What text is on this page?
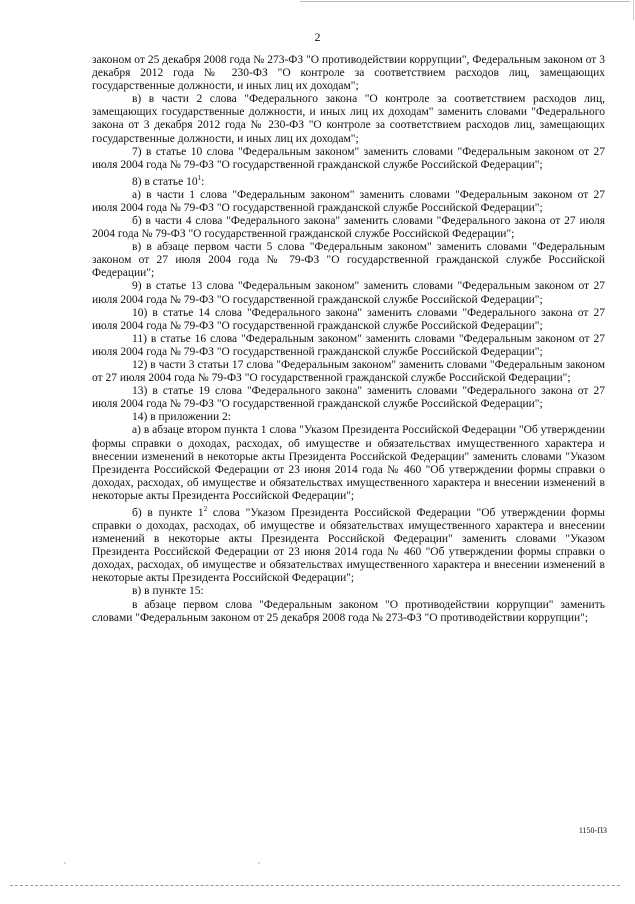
2

законом от 25 декабря 2008 года № 273-ФЗ "О противодействии коррупции", Федеральным законом от 3 декабря 2012 года № 230-ФЗ "О контроле за соответствием расходов лиц, замещающих государственные должности, и иных лиц их доходам";

в) в части 2 слова "Федерального закона "О контроле за соответствием расходов лиц, замещающих государственные должности, и иных лиц их доходам" заменить словами "Федерального закона от 3 декабря 2012 года № 230-ФЗ "О контроле за соответствием расходов лиц, замещающих государственные должности, и иных лиц их доходам";

7) в статье 10 слова "Федеральным законом" заменить словами "Федеральным законом от 27 июля 2004 года № 79-ФЗ "О государственной гражданской службе Российской Федерации";

8) в статье $10^1$:

а) в части 1 слова "Федеральным законом" заменить словами "Федеральным законом от 27 июля 2004 года № 79-ФЗ "О государственной гражданской службе Российской Федерации";

б) в части 4 слова "Федерального закона" заменить словами "Федерального закона от 27 июля 2004 года № 79-ФЗ "О государственной гражданской службе Российской Федерации";

в) в абзаце первом части 5 слова "Федеральным законом" заменить словами "Федеральным законом от 27 июля 2004 года № 79-ФЗ "О государственной гражданской службе Российской Федерации";

9) в статье 13 слова "Федеральным законом" заменить словами "Федеральным законом от 27 июля 2004 года № 79-ФЗ "О государственной гражданской службе Российской Федерации";

10) в статье 14 слова "Федерального закона" заменить словами "Федерального закона от 27 июля 2004 года № 79-ФЗ "О государственной гражданской службе Российской Федерации";

11) в статье 16 слова "Федеральным законом" заменить словами "Федеральным законом от 27 июля 2004 года № 79-ФЗ "О государственной гражданской службе Российской Федерации";

12) в части 3 статьи 17 слова "Федеральным законом" заменить словами "Федеральным законом от 27 июля 2004 года № 79-ФЗ "О государственной гражданской службе Российской Федерации";

13) в статье 19 слова "Федерального закона" заменить словами "Федерального закона от 27 июля 2004 года № 79-ФЗ "О государственной гражданской службе Российской Федерации";

14) в приложении 2:

а) в абзаце втором пункта 1 слова "Указом Президента Российской Федерации "Об утверждении формы справки о доходах, расходах, об имуществе и обязательствах имущественного характера и внесении изменений в некоторые акты Президента Российской Федерации" заменить словами "Указом Президента Российской Федерации от 23 июня 2014 года № 460 "Об утверждении формы справки о доходах, расходах, об имуществе и обязательствах имущественного характера и внесении изменений в некоторые акты Президента Российской Федерации";

б) в пункте $1^2$ слова "Указом Президента Российской Федерации "Об утверждении формы справки о доходах, расходах, об имуществе и обязательствах имущественного характера и внесении изменений в некоторые акты Президента Российской Федерации" заменить словами "Указом Президента Российской Федерации от 23 июня 2014 года № 460 "Об утверждении формы справки о доходах, расходах, об имуществе и обязательствах имущественного характера и внесении изменений в некоторые акты Президента Российской Федерации";

в) в пункте 15:

в абзаце первом слова "Федеральным законом "О противодействии коррупции" заменить словами "Федеральным законом от 25 декабря 2008 года № 273-ФЗ "О противодействии коррупции";

1150-ПЗ
